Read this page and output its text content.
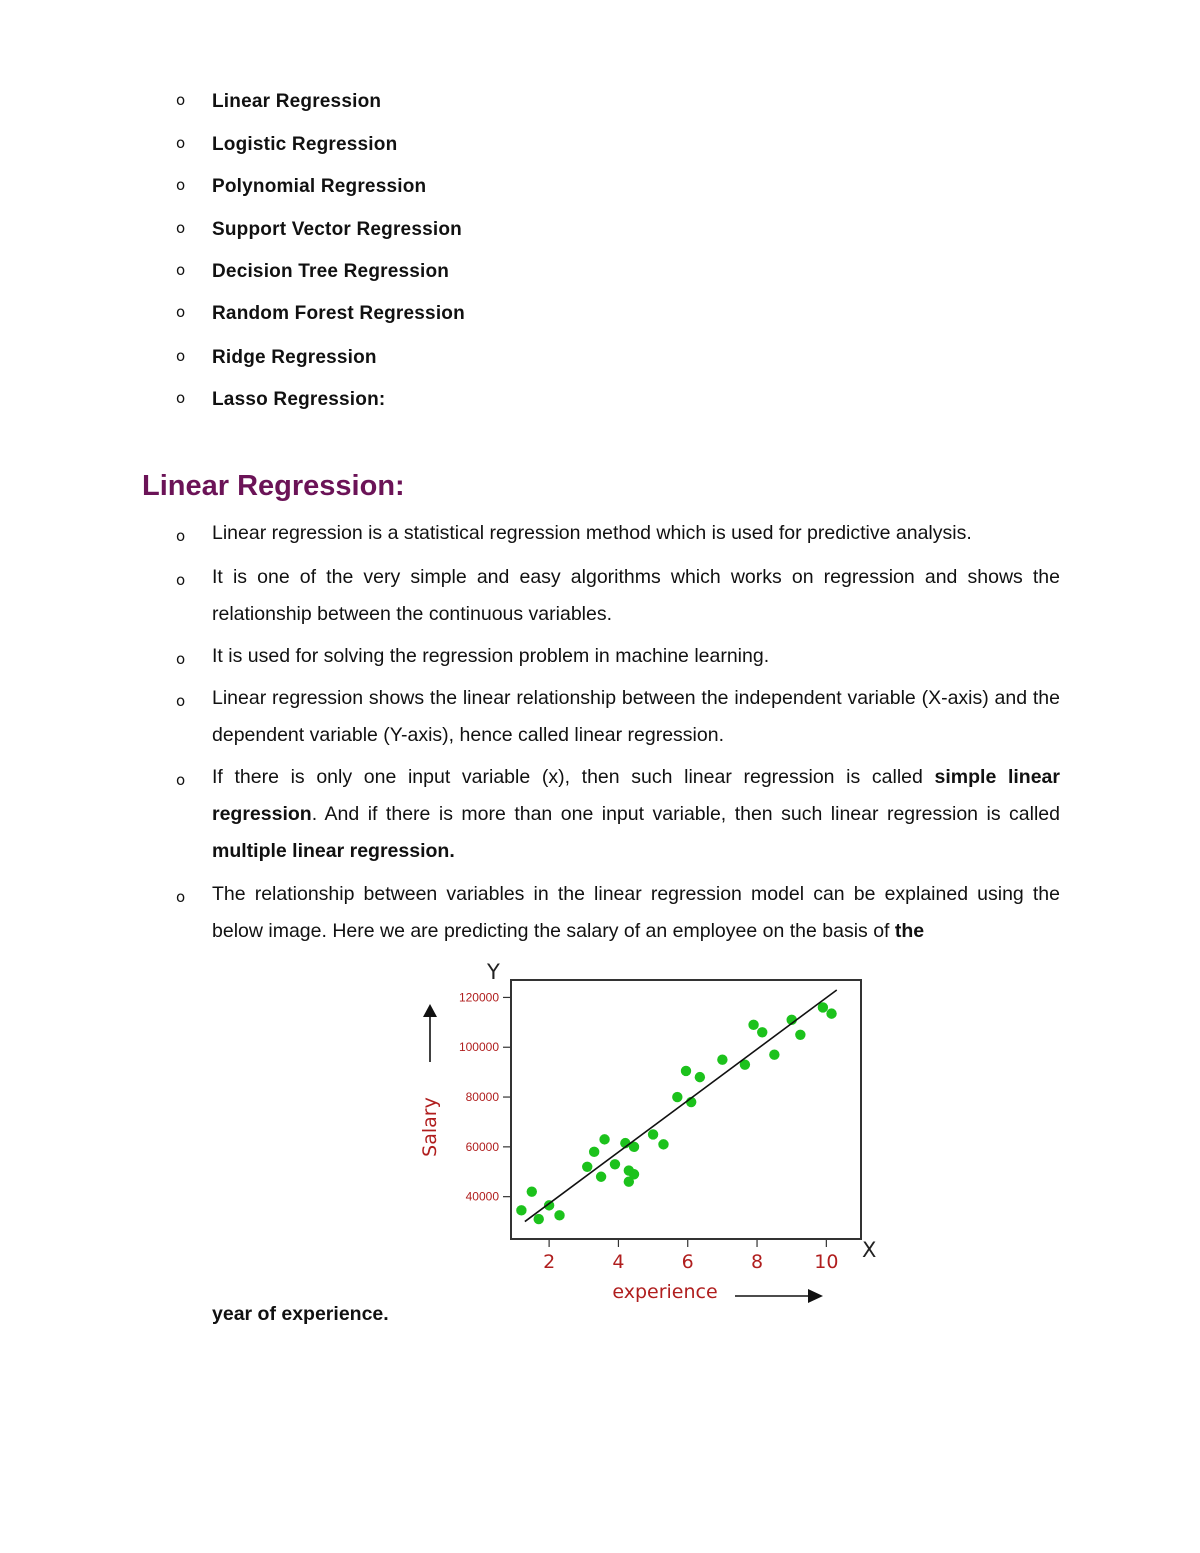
o Linear Regression
o Logistic Regression
o Polynomial Regression
o Support Vector Regression
o Decision Tree Regression
o Random Forest Regression
o Ridge Regression
o Lasso Regression:
Linear Regression:
o Linear regression is a statistical regression method which is used for predictive analysis.

o It is one of the very simple and easy algorithms which works on regression and shows the relationship between the continuous variables.

o It is used for solving the regression problem in machine learning.

o Linear regression shows the linear relationship between the independent variable (X-axis) and the dependent variable (Y-axis), hence called linear regression.

o If there is only one input variable (x), then such linear regression is called simple linear regression. And if there is more than one input variable, then such linear regression is called multiple linear regression.

o The relationship between variables in the linear regression model can be explained using the below image. Here we are predicting the salary of an employee on the basis of the

40000
60000
80000
100000
120000
2	4	6	8	10
Y
X
Salary
experience
year of experience.
